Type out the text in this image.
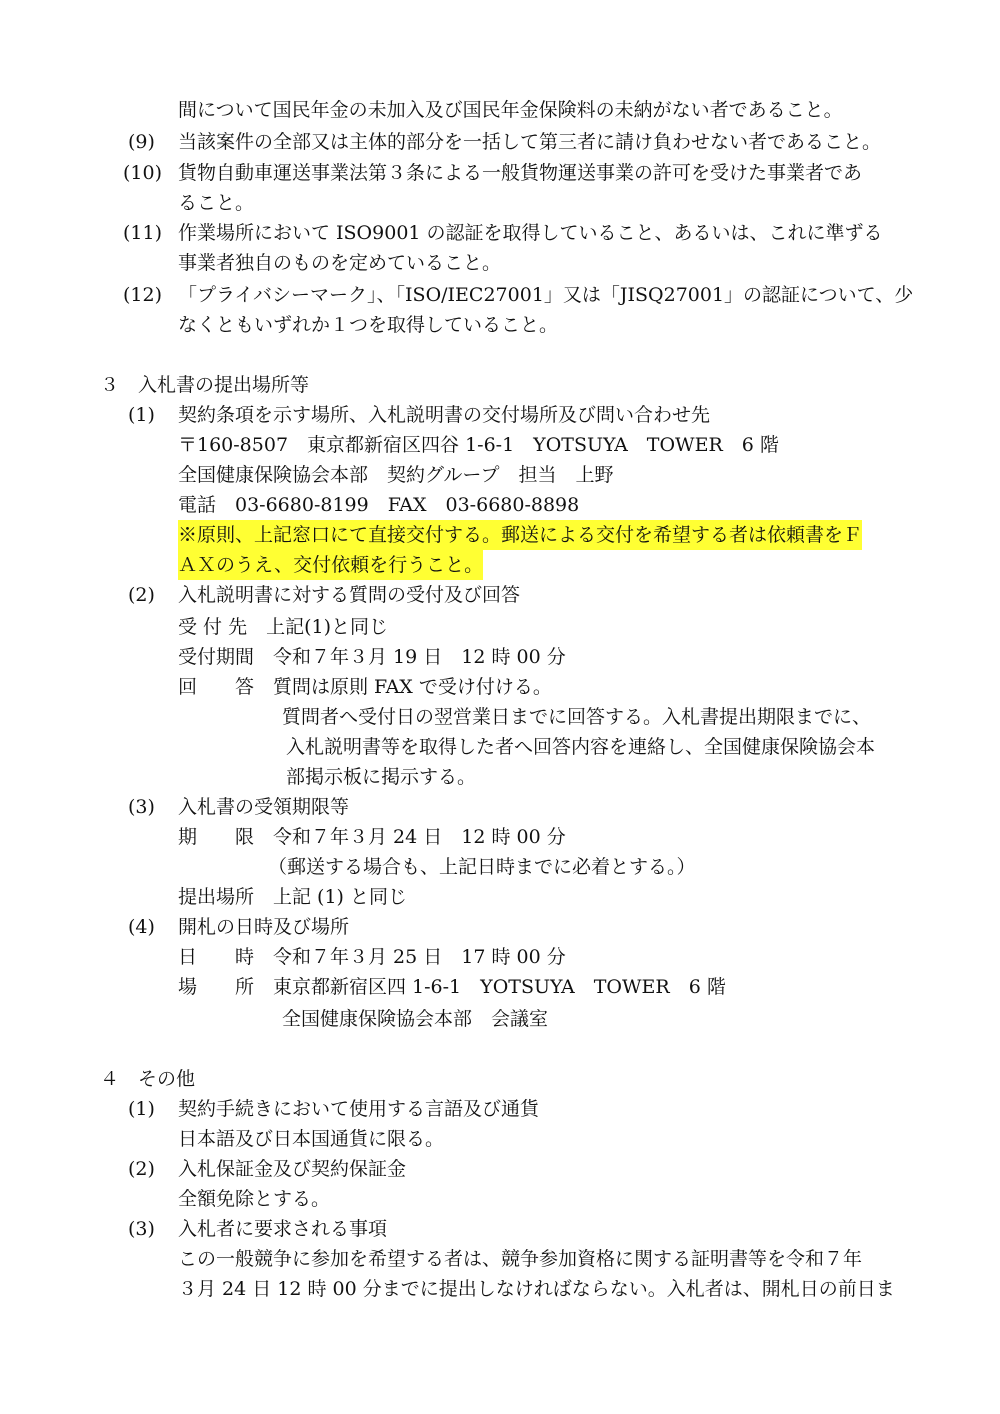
間について国民年金の未加入及び国民年金保険料の未納がない者であること。
(9) 当該案件の全部又は主体的部分を一括して第三者に請け負わせない者であること。
(10) 貨物自動車運送事業法第３条による一般貨物運送事業の許可を受けた事業者であ
ること。
(11) 作業場所において ISO9001 の認証を取得していること、あるいは、これに準ずる
事業者独自のものを定めていること。
(12) 「プライバシーマーク」、「ISO/IEC27001」又は「JISQ27001」の認証について、少
なくともいずれか１つを取得していること。
３　入札書の提出場所等
(1) 契約条項を示す場所、入札説明書の交付場所及び問い合わせ先
〒160-8507　東京都新宿区四谷 1-6-1　YOTSUYA　TOWER　6 階
全国健康保険協会本部　契約グループ　担当　上野
電話　03-6680-8199　FAX　03-6680-8898
※原則、上記窓口にて直接交付する。郵送による交付を希望する者は依頼書をＦ
ＡＸのうえ、交付依頼を行うこと。
(2) 入札説明書に対する質問の受付及び回答
受 付 先　上記(1)と同じ
受付期間　令和７年３月 19 日　12 時 00 分
回　　答　質問は原則 FAX で受け付ける。
質問者へ受付日の翌営業日までに回答する。入札書提出期限までに、
入札説明書等を取得した者へ回答内容を連絡し、全国健康保険協会本
部掲示板に掲示する。
(3) 入札書の受領期限等
期　　限　令和７年３月 24 日　12 時 00 分
（郵送する場合も、上記日時までに必着とする。）
提出場所　上記 (1) と同じ
(4) 開札の日時及び場所
日　　時　令和７年３月 25 日　17 時 00 分
場　　所　東京都新宿区四 1-6-1　YOTSUYA　TOWER　6 階
全国健康保険協会本部　会議室
４　その他
(1) 契約手続きにおいて使用する言語及び通貨
日本語及び日本国通貨に限る。
(2) 入札保証金及び契約保証金
全額免除とする。
(3) 入札者に要求される事項
この一般競争に参加を希望する者は、競争参加資格に関する証明書等を令和７年
３月 24 日 12 時 00 分までに提出しなければならない。入札者は、開札日の前日ま
